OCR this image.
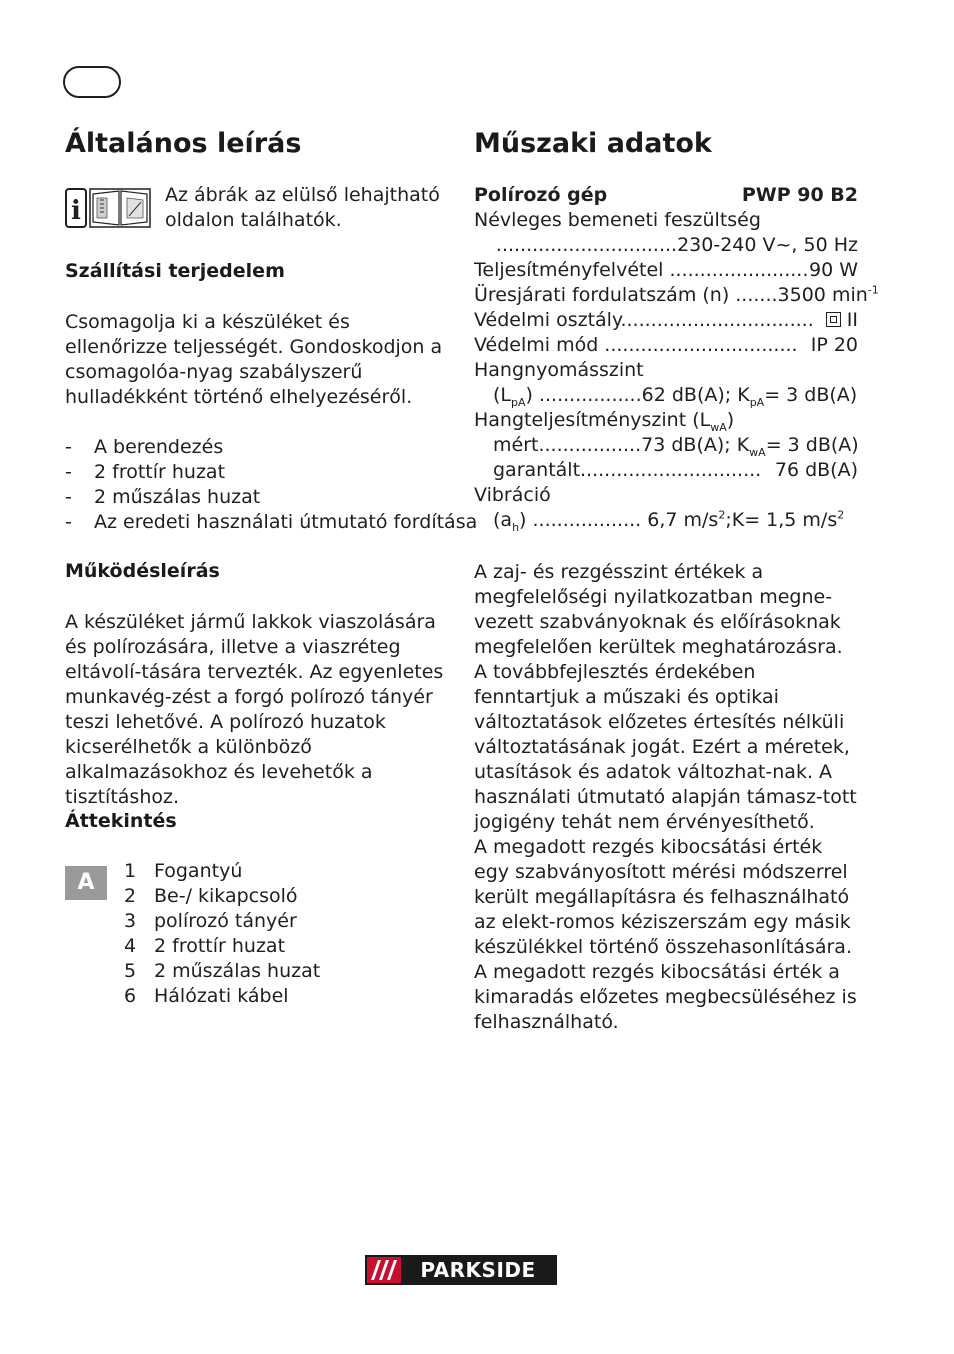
Általános leírás
i

Az ábrák az elülső lehajtható oldalon találhatók.

Szállítási terjedelem

Csomagolja ki a készüléket és ellenőrizze teljességét. Gondoskodjon a csomagolóa-nyag szabályszerű hulladékként történő elhelyezéséről.

- A berendezés
- 2 frottír huzat
- 2 műszálas huzat
- Az eredeti használati útmutató fordítása
Működésleírás

A készüléket jármű lakkok viaszolására és polírozására, illetve a viaszréteg eltávolí-tására tervezték. Az egyenletes munkavég-zést a forgó polírozó tányér teszi lehetővé. A polírozó huzatok kicserélhetők a különböző alkalmazásokhoz és levehetők a tisztításhoz.

Áttekintés
A	1 Fogantyú
2 Be-/ kikapcsoló
3 polírozó tányér
4 2 frottír huzat
5 2 műszálas huzat
6 Hálózati kábel
Műszaki adatok
Polírozó gép	PWP 90 B2
Névleges bemeneti feszültség
..............................230-240 V~, 50 Hz
Teljesítményfelvétel ....................... 90 W
Üresjárati fordulatszám (n) .......3500 $\min^{-1}$
Védelmi osztály................................	II
Védelmi mód ................................ IP 20
Hangnyomásszint
$(L_{pA})$ .................62 dB(A); $K_{pA}= 3$ dB(A)
Hangteljesítményszint $(L_{wA})$
mért.................73 dB(A); $K_{wA}= 3$ dB(A)
garantált.............................. 76 dB(A)
Vibráció
$(a_h)$ .................. 6,7 $m/s^2;K= 1,5$ $m/s^2$

A zaj- és rezgésszint értékek a megfelelőségi nyilatkozatban megne-vezett szabványoknak és előírásoknak megfelelően kerültek meghatározásra.

A továbbfejlesztés érdekében fenntartjuk a műszaki és optikai változtatások előzetes értesítés nélküli változtatásának jogát. Ezért a méretek, utasítások és adatok változhat-nak. A használati útmutató alapján támasz-tott jogigény tehát nem érvényesíthető.

A megadott rezgés kibocsátási érték egy szabványosított mérési módszerrel került megállapításra és felhasználható az elekt-romos kéziszerszám egy másik készülékkel történő összehasonlítására.

A megadott rezgés kibocsátási érték a kimaradás előzetes megbecsüléséhez is felhasználható.

PARKSIDE
